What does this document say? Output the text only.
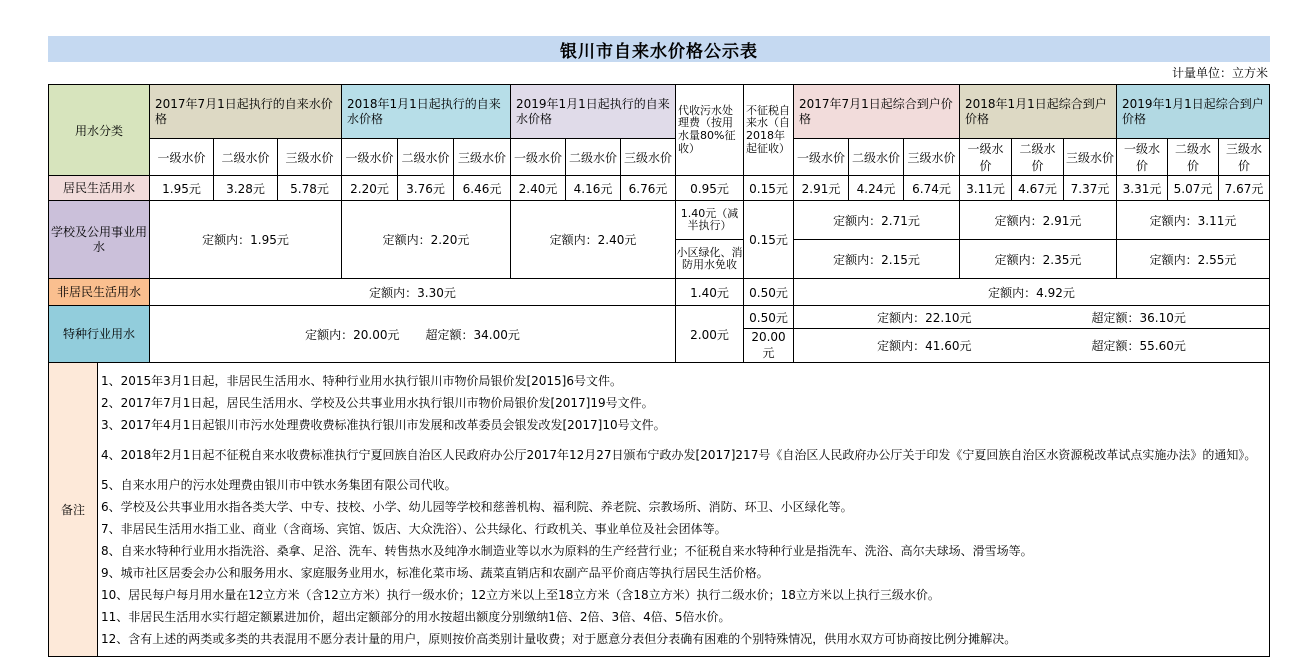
银川市自来水价格公示表
计量单位：立方米
用水分类	2017年7月1日起执行的自来水价格			2018年1月1日起执行的自来水价格			2019年1月1日起执行的自来水价格			代收污水处理费（按用水量80%征收）	不征税自来水（自2018年起征收）	2017年7月1日起综合到户价格			2018年1月1日起综合到户价格			2019年1月1日起综合到户价格		
	一级水价	二级水价	三级水价	一级水价	二级水价	三级水价	一级水价	二级水价	三级水价			一级水价	二级水价	三级水价	一级水价	二级水价	三级水价	一级水价	二级水价	三级水价
居民生活用水	1.95元	3.28元	5.78元	2.20元	3.76元	6.46元	2.40元	4.16元	6.76元	0.95元	0.15元	2.91元	4.24元	6.74元	3.11元	4.67元	7.37元	3.31元	5.07元	7.67元
学校及公用事业用水	定额内：1.95元			定额内：2.20元			定额内：2.40元			1.40元（减半执行）	0.15元	定额内：2.71元			定额内：2.91元			定额内：3.11元		
										小区绿化、消防用水免收		定额内：2.15元			定额内：2.35元			定额内：2.55元		
非居民生活用水	定额内：3.30元									1.40元	0.50元	定额内：4.92元								
特种行业用水	定额内：20.00元 超定额：34.00元									2.00元	0.50元	定额内：22.10元 超定额：36.10元								

											20.00元	定额内：41.60元 超定额：55.60元								
备注
1、2015年3月1日起，非居民生活用水、特种行业用水执行银川市物价局银价发[2015]6号文件。
2、2017年7月1日起，居民生活用水、学校及公共事业用水执行银川市物价局银价发[2017]19号文件。
3、2017年4月1日起银川市污水处理费收费标准执行银川市发展和改革委员会银发改发[2017]10号文件。
4、2018年2月1日起不征税自来水收费标准执行宁夏回族自治区人民政府办公厅2017年12月27日颁布宁政办发[2017]217号《自治区人民政府办公厅关于印发《宁夏回族自治区水资源税改革试点实施办法》的通知》。
5、自来水用户的污水处理费由银川市中铁水务集团有限公司代收。
6、学校及公共事业用水指各类大学、中专、技校、小学、幼儿园等学校和慈善机构、福利院、养老院、宗教场所、消防、环卫、小区绿化等。
7、非居民生活用水指工业、商业（含商场、宾馆、饭店、大众洗浴）、公共绿化、行政机关、事业单位及社会团体等。
8、自来水特种行业用水指洗浴、桑拿、足浴、洗车、转售热水及纯净水制造业等以水为原料的生产经营行业；不征税自来水特种行业是指洗车、洗浴、高尔夫球场、滑雪场等。
9、城市社区居委会办公和服务用水、家庭服务业用水，标准化菜市场、蔬菜直销店和农副产品平价商店等执行居民生活价格。
10、居民每户每月用水量在12立方米（含12立方米）执行一级水价；12立方米以上至18立方米（含18立方米）执行二级水价；18立方米以上执行三级水价。
11、非居民生活用水实行超定额累进加价，超出定额部分的用水按超出额度分别缴纳1倍、2倍、3倍、4倍、5倍水价。
12、含有上述的两类或多类的共表混用不愿分表计量的用户，原则按价高类别计量收费；对于愿意分表但分表确有困难的个别特殊情况，供用水双方可协商按比例分摊解决。
